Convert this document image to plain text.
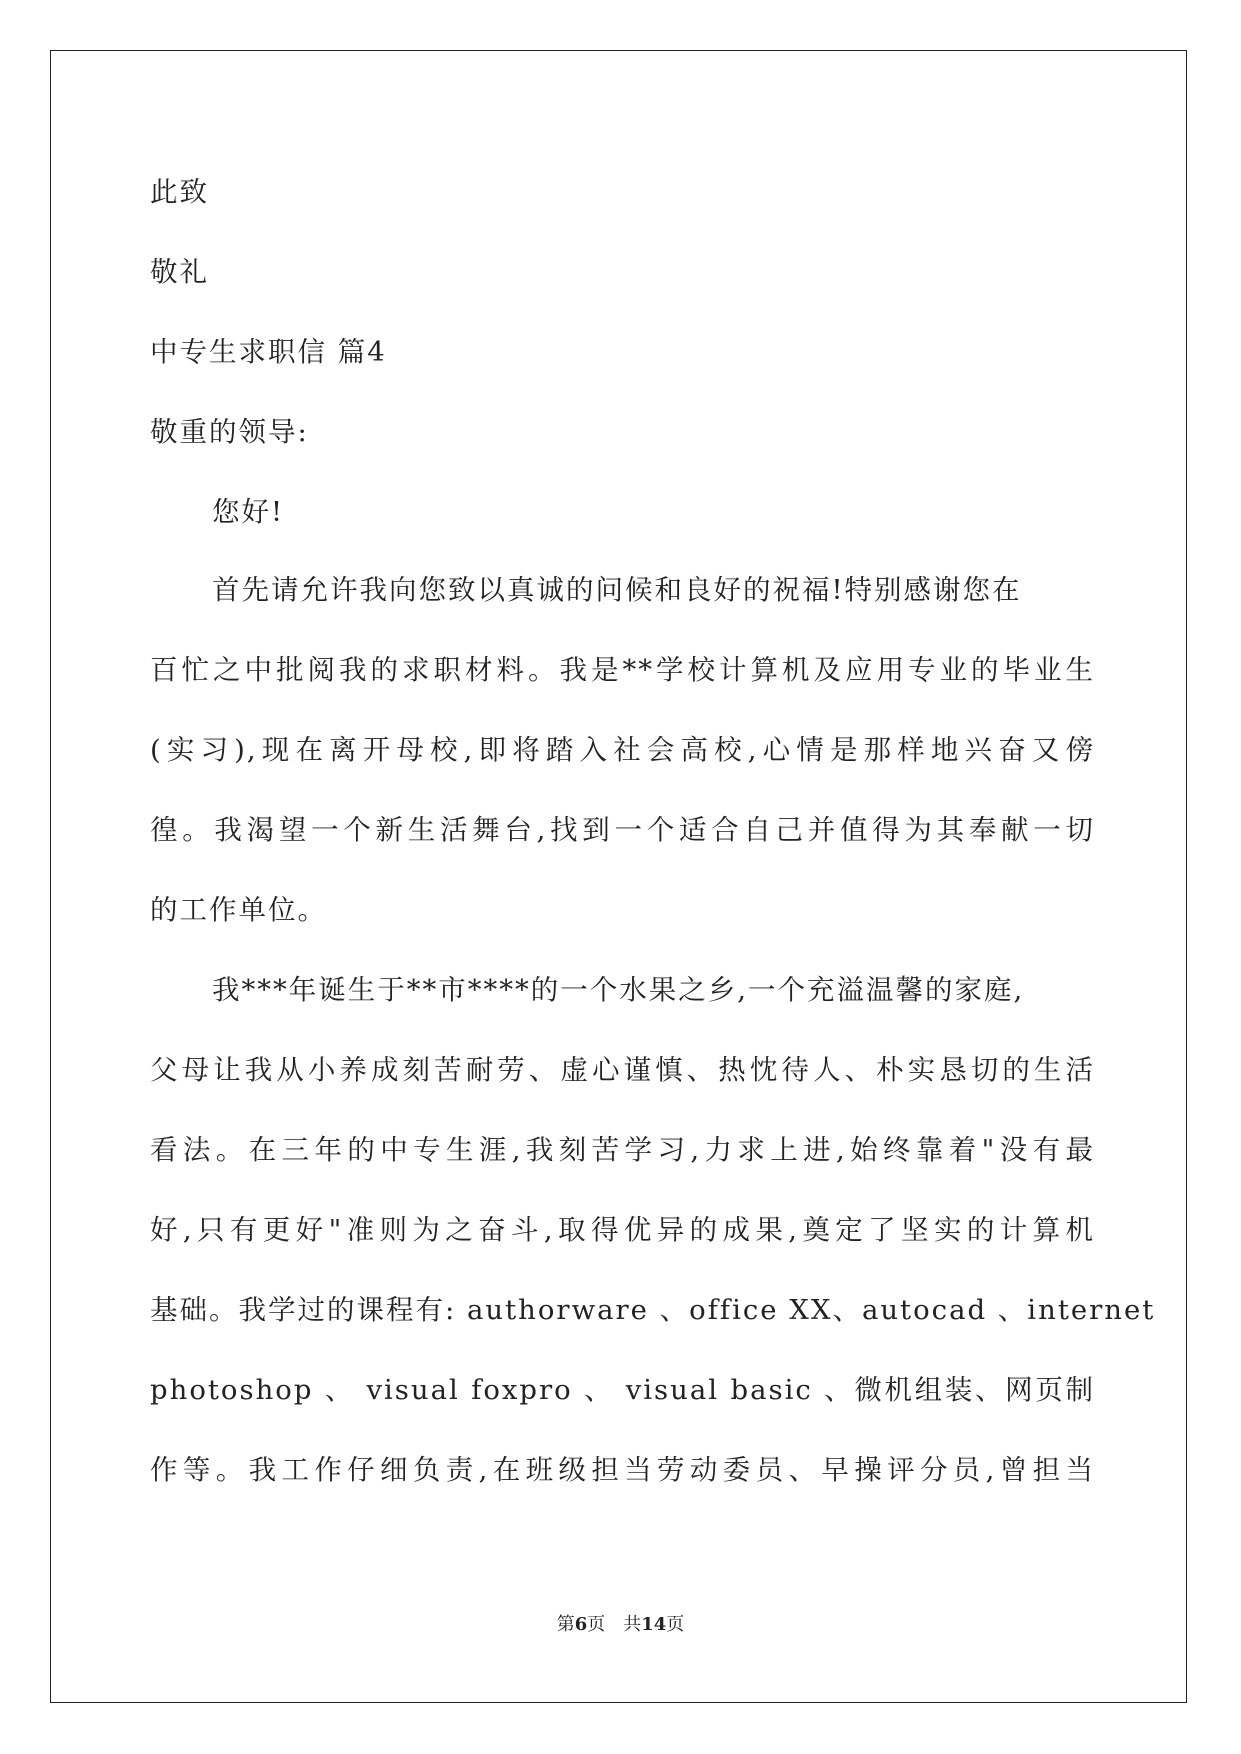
此致
敬礼
中专生求职信 篇4
敬重的领导:
您好!
首先请允许我向您致以真诚的问候和良好的祝福!特别感谢您在
百忙之中批阅我的求职材料。我是**学校计算机及应用专业的毕业生
(实习),现在离开母校,即将踏入社会高校,心情是那样地兴奋又傍
徨。我渴望一个新生活舞台,找到一个适合自己并值得为其奉献一切
的工作单位。
我***年诞生于**市****的一个水果之乡,一个充溢温馨的家庭,
父母让我从小养成刻苦耐劳、虚心谨慎、热忱待人、朴实恳切的生活
看法。在三年的中专生涯,我刻苦学习,力求上进,始终靠着"没有最
好,只有更好"准则为之奋斗,取得优异的成果,奠定了坚实的计算机
基础。我学过的课程有: authorware 、office XX、autocad 、internet
photoshop 、 visual foxpro 、 visual basic 、微机组装、网页制
作等。我工作仔细负责,在班级担当劳动委员、早操评分员,曾担当
第6页　共14页
